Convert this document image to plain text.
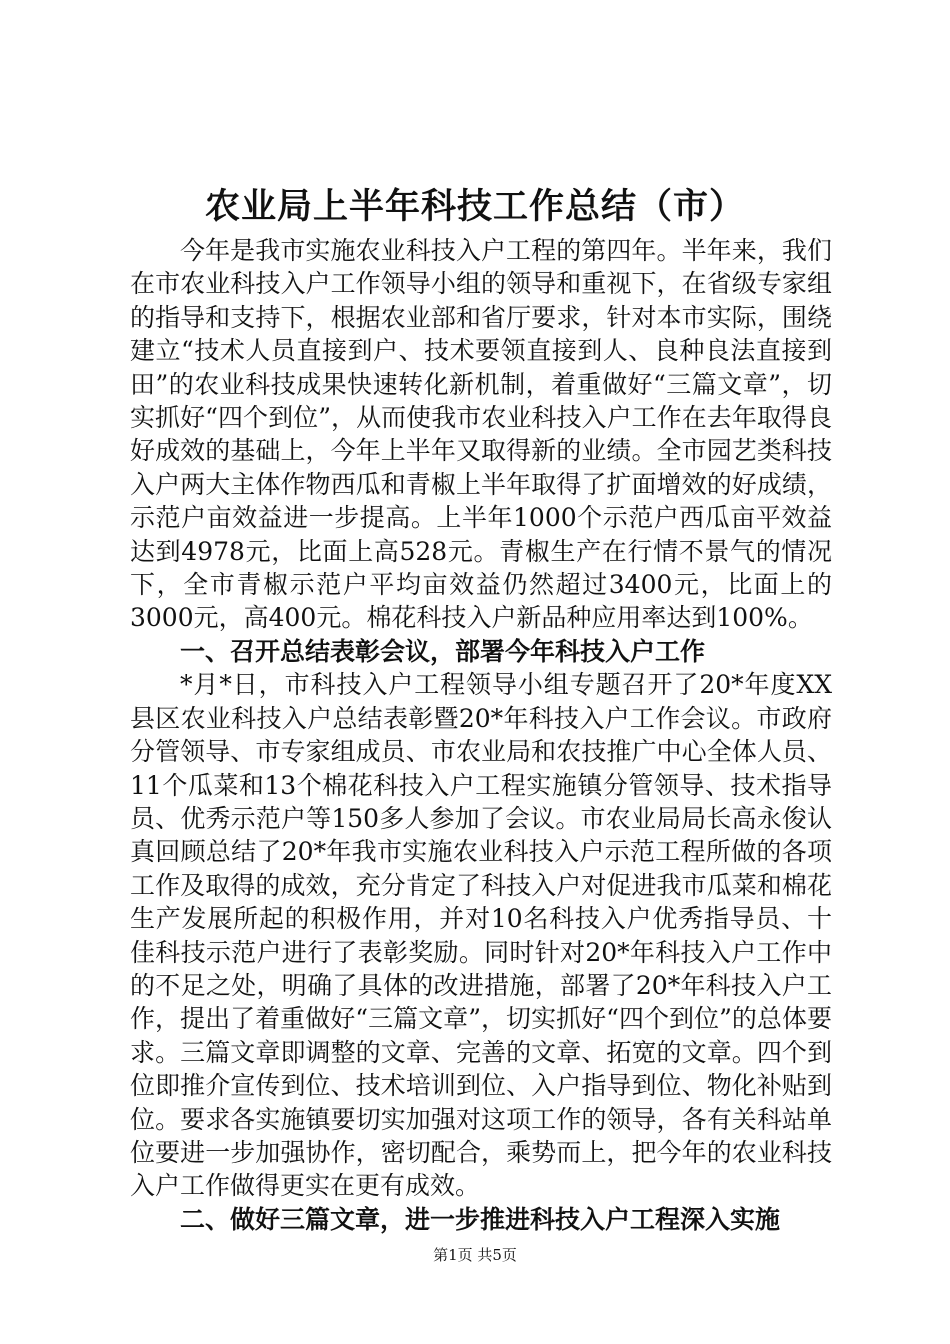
农业局上半年科技工作总结（市）

今年是我市实施农业科技入户工程的第四年。半年来，我们在市农业科技入户工作领导小组的领导和重视下，在省级专家组的指导和支持下，根据农业部和省厅要求，针对本市实际，围绕建立“技术人员直接到户、技术要领直接到人、良种良法直接到田”的农业科技成果快速转化新机制，着重做好“三篇文章”，切实抓好“四个到位”，从而使我市农业科技入户工作在去年取得良好成效的基础上，今年上半年又取得新的业绩。全市园艺类科技入户两大主体作物西瓜和青椒上半年取得了扩面增效的好成绩，示范户亩效益进一步提高。上半年1000个示范户西瓜亩平效益达到4978元，比面上高528元。青椒生产在行情不景气的情况下，全市青椒示范户平均亩效益仍然超过3400元，比面上的3000元，高400元。棉花科技入户新品种应用率达到100%。

一、召开总结表彰会议，部署今年科技入户工作

*月*日，市科技入户工程领导小组专题召开了20*年度XX县区农业科技入户总结表彰暨20*年科技入户工作会议。市政府分管领导、市专家组成员、市农业局和农技推广中心全体人员、11个瓜菜和13个棉花科技入户工程实施镇分管领导、技术指导员、优秀示范户等150多人参加了会议。市农业局局长高永俊认真回顾总结了20*年我市实施农业科技入户示范工程所做的各项工作及取得的成效，充分肯定了科技入户对促进我市瓜菜和棉花生产发展所起的积极作用，并对10名科技入户优秀指导员、十佳科技示范户进行了表彰奖励。同时针对20*年科技入户工作中的不足之处，明确了具体的改进措施，部署了20*年科技入户工作，提出了着重做好“三篇文章”，切实抓好“四个到位”的总体要求。三篇文章即调整的文章、完善的文章、拓宽的文章。四个到位即推介宣传到位、技术培训到位、入户指导到位、物化补贴到位。要求各实施镇要切实加强对这项工作的领导，各有关科站单位要进一步加强协作，密切配合，乘势而上，把今年的农业科技入户工作做得更实在更有成效。

二、做好三篇文章，进一步推进科技入户工程深入实施
第1页 共5页
